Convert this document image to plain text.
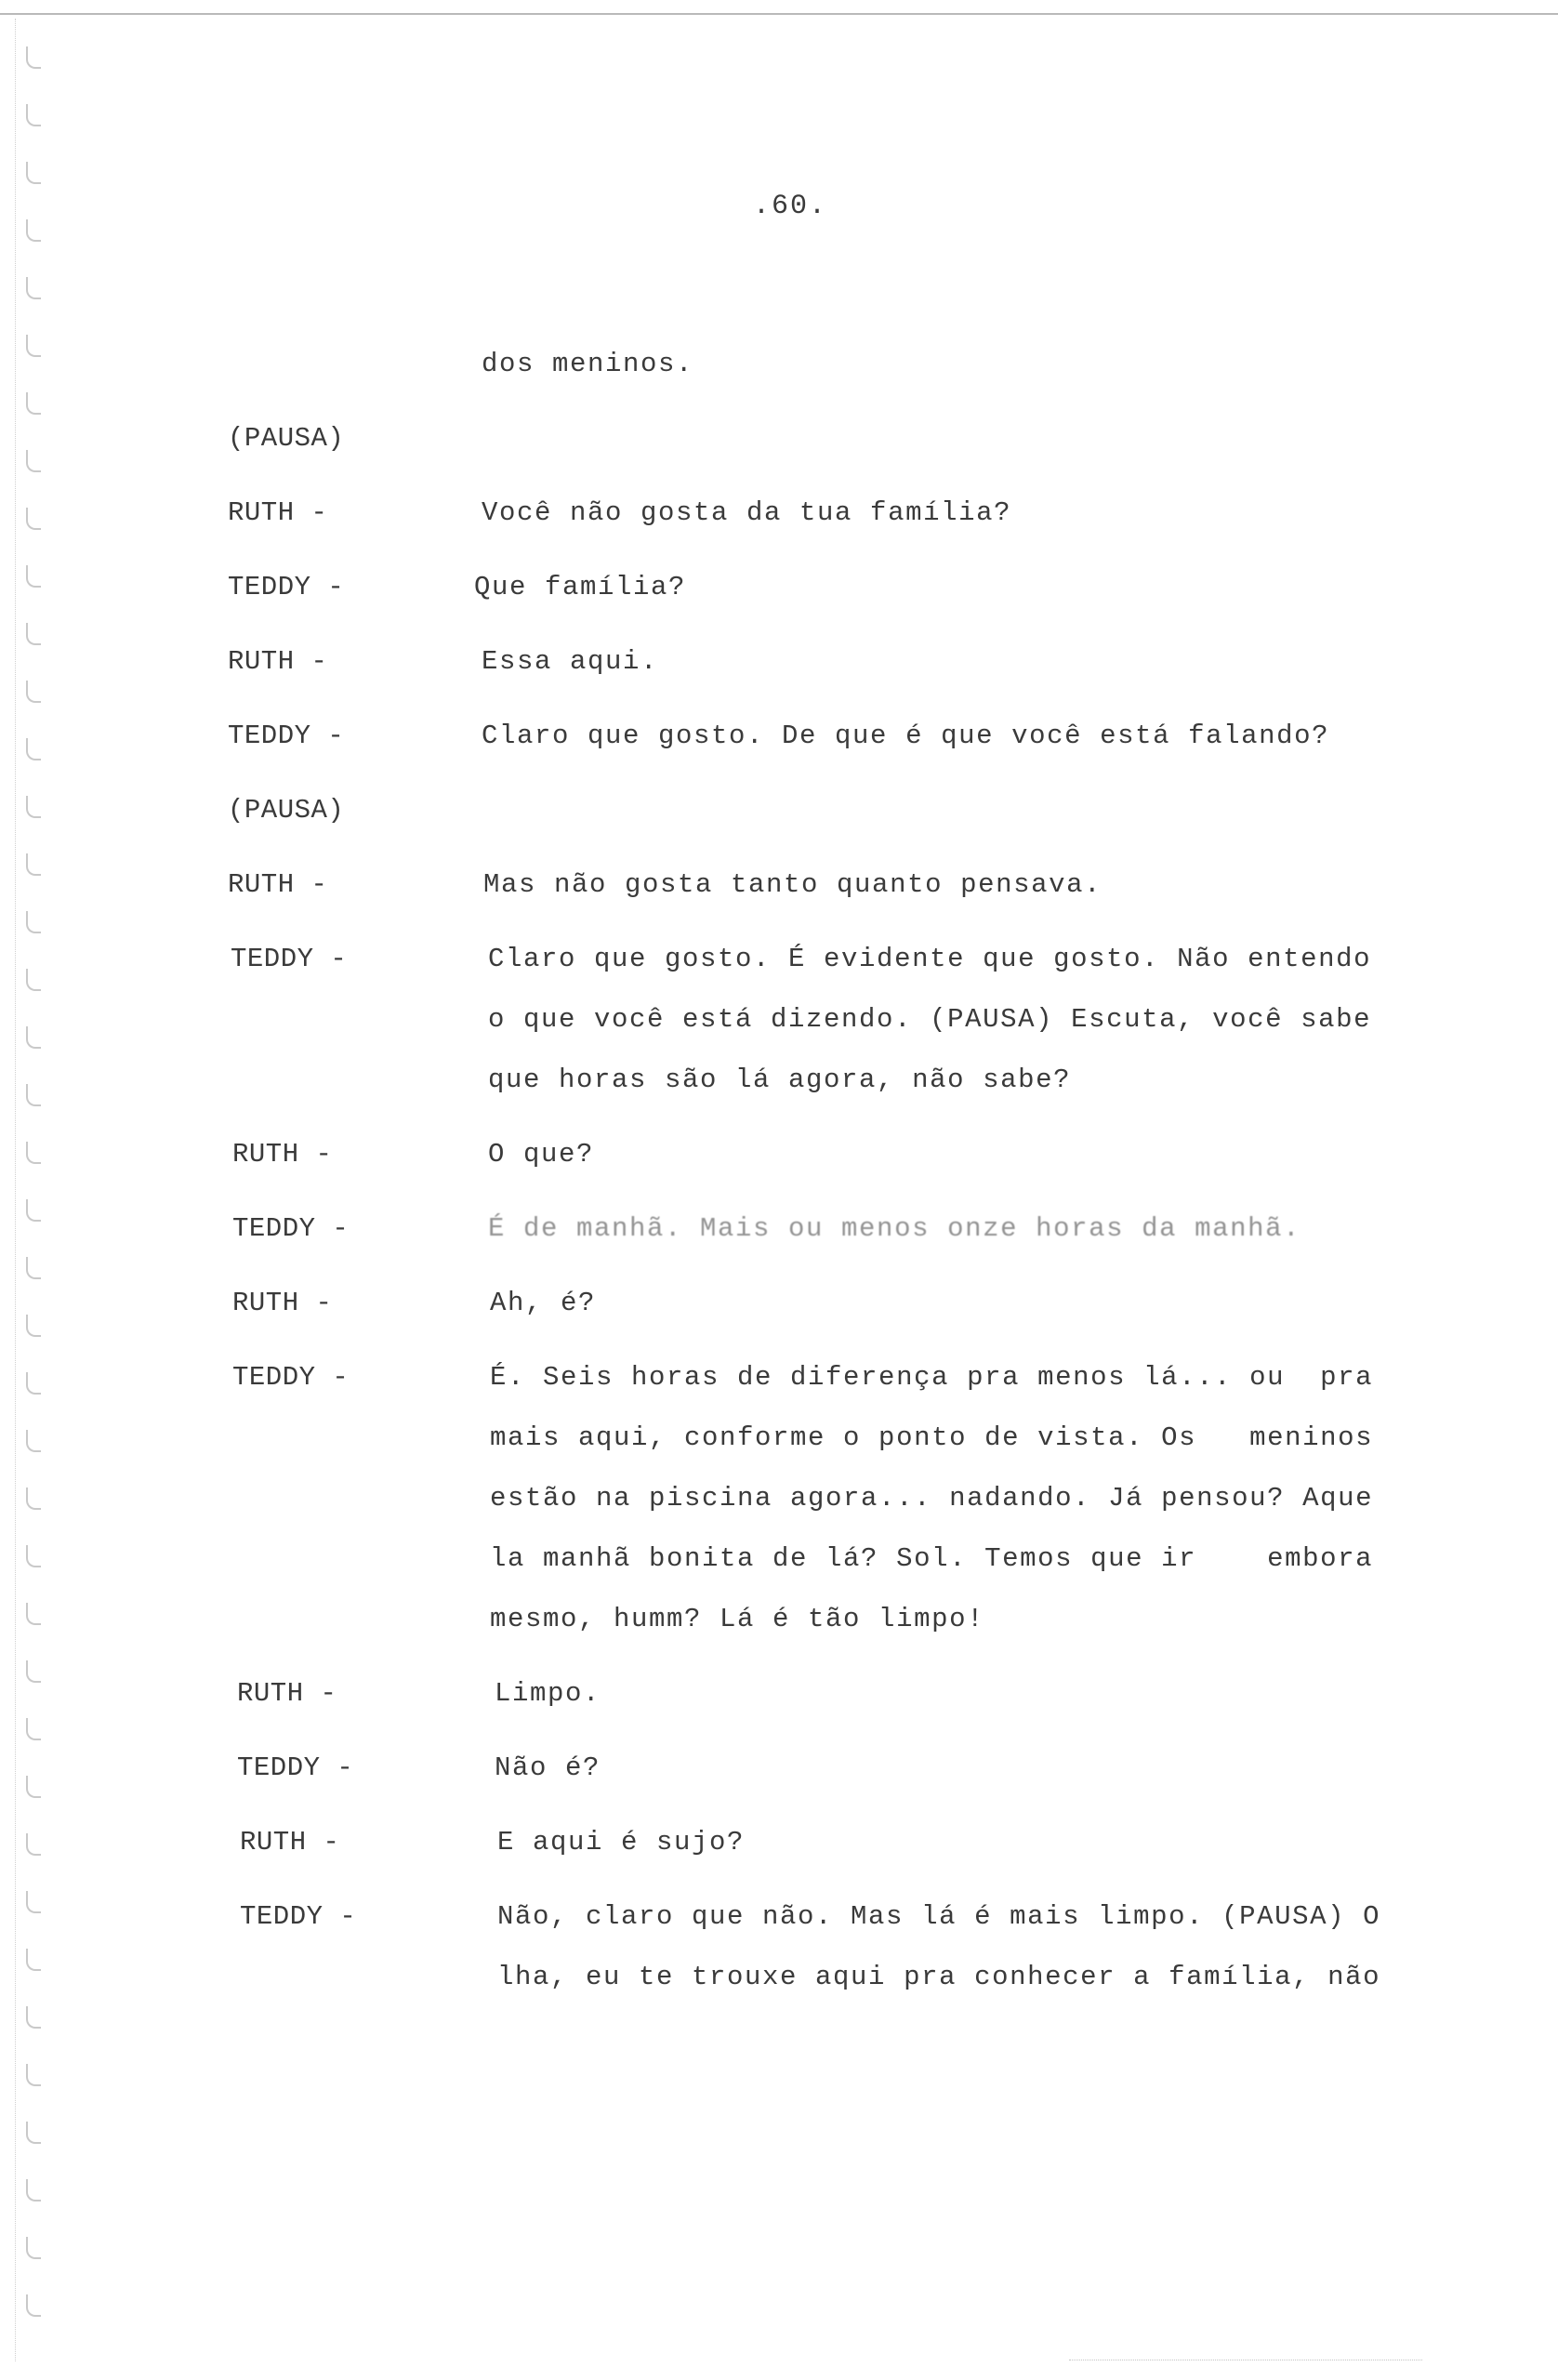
.60.
dos meninos.
(PAUSA)
RUTH -	Você não gosta da tua família?
TEDDY -	Que família?
RUTH -	Essa aqui.
TEDDY -	Claro que gosto. De que é que você está falando?
(PAUSA)
RUTH -	Mas não gosta tanto quanto pensava.
TEDDY -	Claro que gosto. É evidente que gosto. Não entendo
o que você está dizendo. (PAUSA) Escuta, você sabe
que horas são lá agora, não sabe?
RUTH -	O que?
TEDDY -	É de manhã. Mais ou menos onze horas da manhã.
RUTH -	Ah, é?
TEDDY -	É. Seis horas de diferença pra menos lá... ou  pra
mais aqui, conforme o ponto de vista. Os   meninos
estão na piscina agora... nadando. Já pensou? Aque
la manhã bonita de lá? Sol. Temos que ir    embora
mesmo, humm? Lá é tão limpo!
RUTH -	Limpo.
TEDDY -	Não é?
RUTH -	E aqui é sujo?
TEDDY -	Não, claro que não. Mas lá é mais limpo. (PAUSA) O
lha, eu te trouxe aqui pra conhecer a família, não
